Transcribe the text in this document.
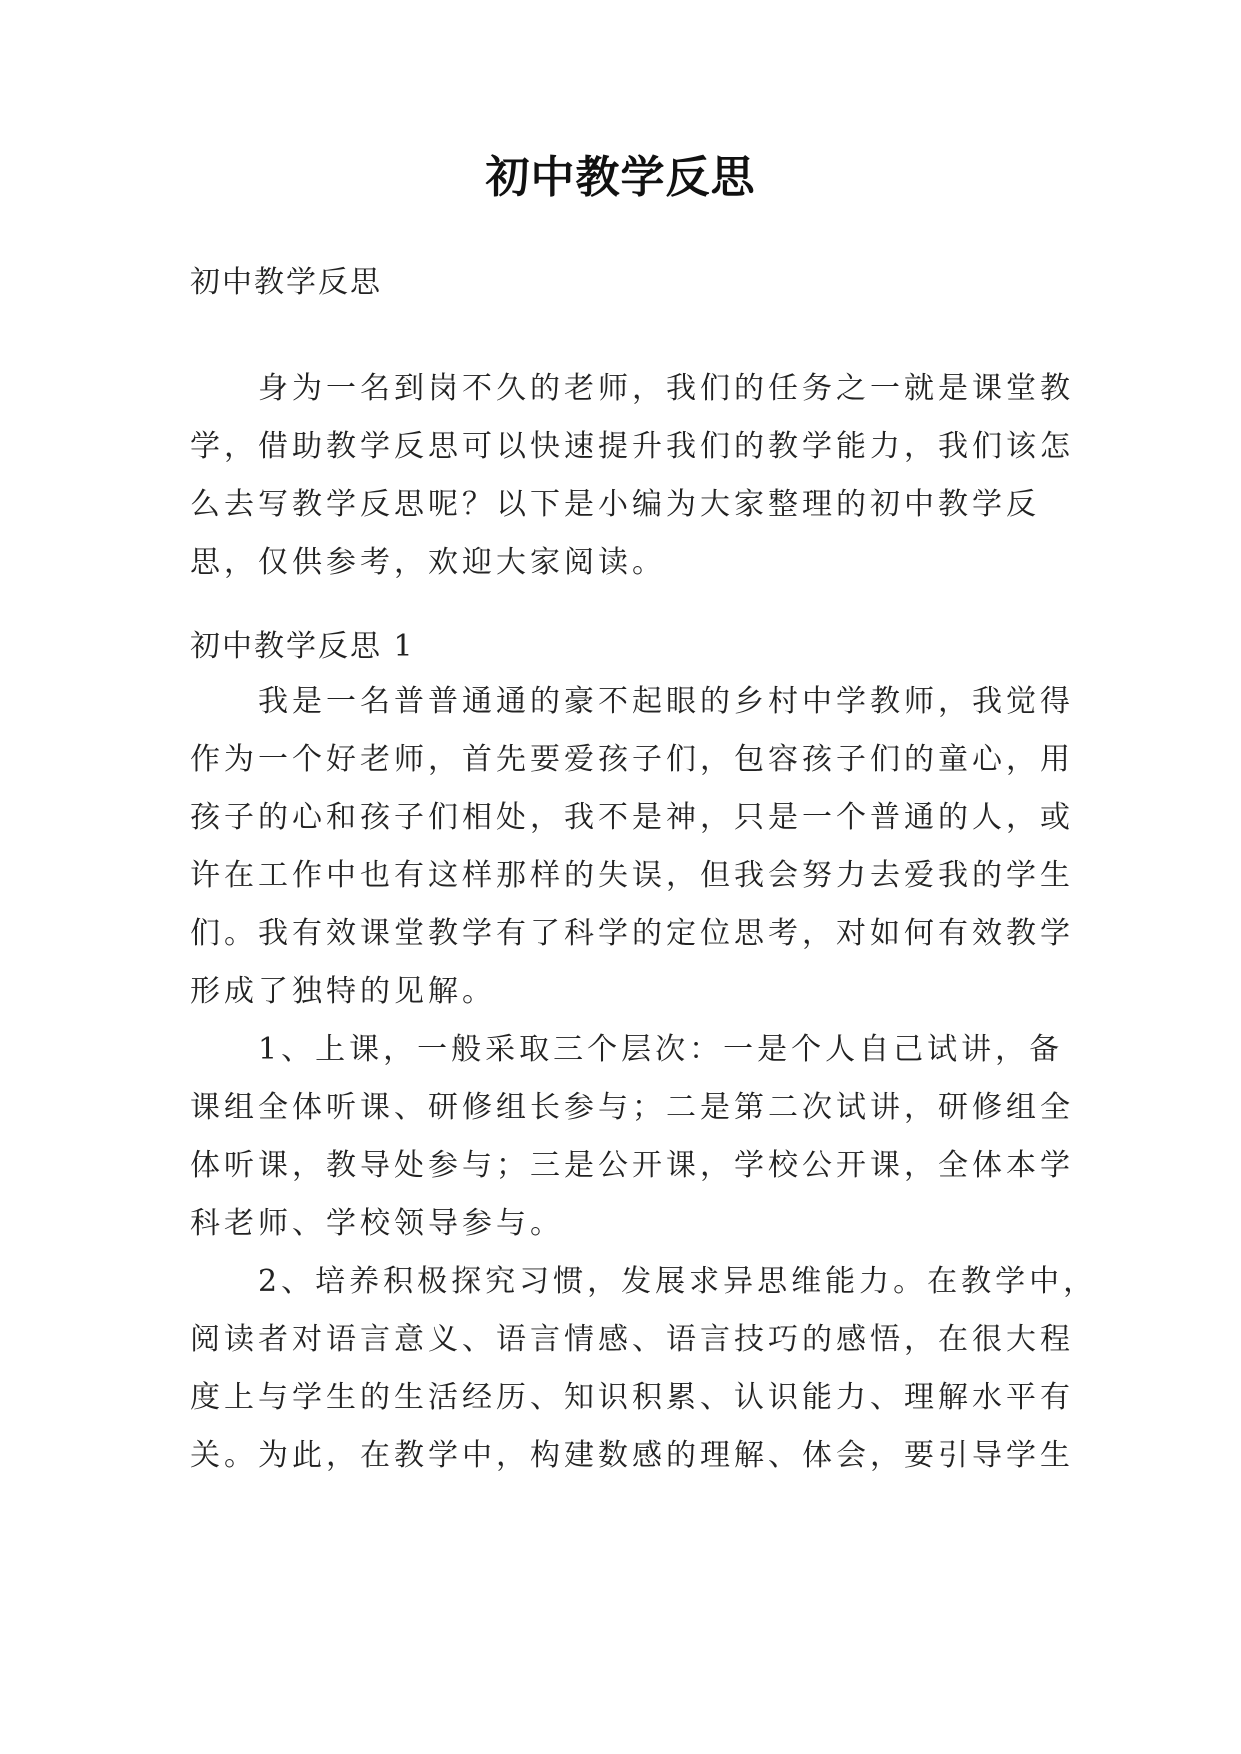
初中教学反思
初中教学反思
身为一名到岗不久的老师，我们的任务之一就是课堂教
学，借助教学反思可以快速提升我们的教学能力，我们该怎
么去写教学反思呢？以下是小编为大家整理的初中教学反
思，仅供参考，欢迎大家阅读。
初中教学反思 1
我是一名普普通通的豪不起眼的乡村中学教师，我觉得
作为一个好老师，首先要爱孩子们，包容孩子们的童心，用
孩子的心和孩子们相处，我不是神，只是一个普通的人，或
许在工作中也有这样那样的失误，但我会努力去爱我的学生
们。我有效课堂教学有了科学的定位思考，对如何有效教学
形成了独特的见解。
1、上课，一般采取三个层次：一是个人自己试讲，备
课组全体听课、研修组长参与；二是第二次试讲，研修组全
体听课，教导处参与；三是公开课，学校公开课，全体本学
科老师、学校领导参与。
2、培养积极探究习惯，发展求异思维能力。在教学中，
阅读者对语言意义、语言情感、语言技巧的感悟，在很大程
度上与学生的生活经历、知识积累、认识能力、理解水平有
关。为此，在教学中，构建数感的理解、体会，要引导学生
